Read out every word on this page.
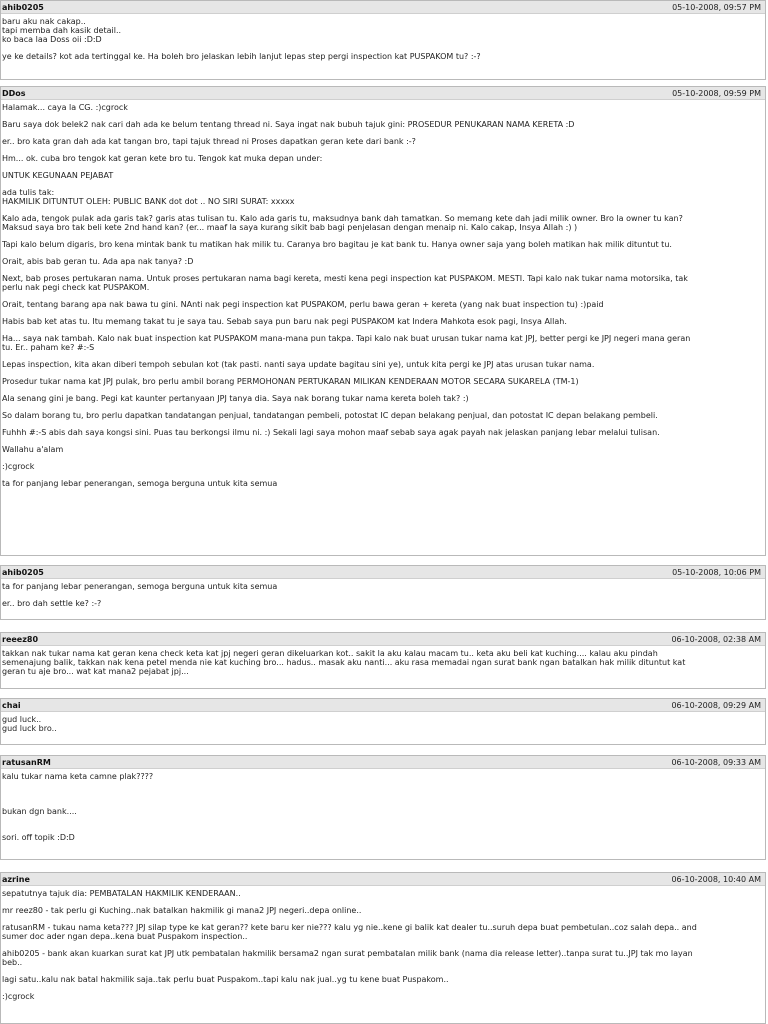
ahib0205	05-10-2008, 09:57 PM

baru aku nak cakap..
tapi memba dah kasik detail..
ko baca laa Doss oii :D:D

ye ke details? kot ada tertinggal ke. Ha boleh bro jelaskan lebih lanjut lepas step pergi inspection kat PUSPAKOM tu? :-?

DDos	05-10-2008, 09:59 PM

Halamak... caya la CG. :)cgrock

Baru saya dok belek2 nak cari dah ada ke belum tentang thread ni. Saya ingat nak bubuh tajuk gini: PROSEDUR PENUKARAN NAMA KERETA :D

er.. bro kata gran dah ada kat tangan bro, tapi tajuk thread ni Proses dapatkan geran kete dari bank :-?

Hm... ok. cuba bro tengok kat geran kete bro tu. Tengok kat muka depan under:

UNTUK KEGUNAAN PEJABAT

ada tulis tak:
HAKMILIK DITUNTUT OLEH: PUBLIC BANK dot dot .. NO SIRI SURAT: xxxxx

Kalo ada, tengok pulak ada garis tak? garis atas tulisan tu. Kalo ada garis tu, maksudnya bank dah tamatkan. So memang kete dah jadi milik owner. Bro la owner tu kan?
Maksud saya bro tak beli kete 2nd hand kan? (er... maaf la saya kurang sikit bab bagi penjelasan dengan menaip ni. Kalo cakap, Insya Allah :) )

Tapi kalo belum digaris, bro kena mintak bank tu matikan hak milik tu. Caranya bro bagitau je kat bank tu. Hanya owner saja yang boleh matikan hak milik dituntut tu.

Orait, abis bab geran tu. Ada apa nak tanya? :D

Next, bab proses pertukaran nama. Untuk proses pertukaran nama bagi kereta, mesti kena pegi inspection kat PUSPAKOM. MESTI. Tapi kalo nak tukar nama motorsika, tak
perlu nak pegi check kat PUSPAKOM.

Orait, tentang barang apa nak bawa tu gini. NAnti nak pegi inspection kat PUSPAKOM, perlu bawa geran + kereta (yang nak buat inspection tu) :)paid

Habis bab ket atas tu. Itu memang takat tu je saya tau. Sebab saya pun baru nak pegi PUSPAKOM kat Indera Mahkota esok pagi, Insya Allah.

Ha... saya nak tambah. Kalo nak buat inspection kat PUSPAKOM mana-mana pun takpa. Tapi kalo nak buat urusan tukar nama kat JPJ, better pergi ke JPJ negeri mana geran
tu. Er.. paham ke? #:-S

Lepas inspection, kita akan diberi tempoh sebulan kot (tak pasti. nanti saya update bagitau sini ye), untuk kita pergi ke JPJ atas urusan tukar nama.

Prosedur tukar nama kat JPJ pulak, bro perlu ambil borang PERMOHONAN PERTUKARAN MILIKAN KENDERAAN MOTOR SECARA SUKARELA (TM-1)

Ala senang gini je bang. Pegi kat kaunter pertanyaan JPJ tanya dia. Saya nak borang tukar nama kereta boleh tak? :)

So dalam borang tu, bro perlu dapatkan tandatangan penjual, tandatangan pembeli, potostat IC depan belakang penjual, dan potostat IC depan belakang pembeli.

Fuhhh #:-S abis dah saya kongsi sini. Puas tau berkongsi ilmu ni. :) Sekali lagi saya mohon maaf sebab saya agak payah nak jelaskan panjang lebar melalui tulisan.

Wallahu a'alam

:)cgrock

ta for panjang lebar penerangan, semoga berguna untuk kita semua

ahib0205	05-10-2008, 10:06 PM

ta for panjang lebar penerangan, semoga berguna untuk kita semua

er.. bro dah settle ke? :-?

reeez80	06-10-2008, 02:38 AM

takkan nak tukar nama kat geran kena check keta kat jpj negeri geran dikeluarkan kot.. sakit la aku kalau macam tu.. keta aku beli kat kuching.... kalau aku pindah
semenajung balik, takkan nak kena petel menda nie kat kuching bro... hadus.. masak aku nanti... aku rasa memadai ngan surat bank ngan batalkan hak milik dituntut kat
geran tu aje bro... wat kat mana2 pejabat jpj...

chai	06-10-2008, 09:29 AM

gud luck..
gud luck bro..

ratusanRM	06-10-2008, 09:33 AM

kalu tukar nama keta camne plak????

bukan dgn bank....

sori. off topik :D:D

azrine	06-10-2008, 10:40 AM

sepatutnya tajuk dia: PEMBATALAN HAKMILIK KENDERAAN..

mr reez80 - tak perlu gi Kuching..nak batalkan hakmilik gi mana2 JPJ negeri..depa online..

ratusanRM - tukau nama keta??? JPJ silap type ke kat geran?? kete baru ker nie??? kalu yg nie..kene gi balik kat dealer tu..suruh depa buat pembetulan..coz salah depa.. and
sumer doc ader ngan depa..kena buat Puspakom inspection..

ahib0205 - bank akan kuarkan surat kat JPJ utk pembatalan hakmilik bersama2 ngan surat pembatalan milik bank (nama dia release letter)..tanpa surat tu..JPJ tak mo layan
beb..

lagi satu..kalu nak batal hakmilik saja..tak perlu buat Puspakom..tapi kalu nak jual..yg tu kene buat Puspakom..

:)cgrock
